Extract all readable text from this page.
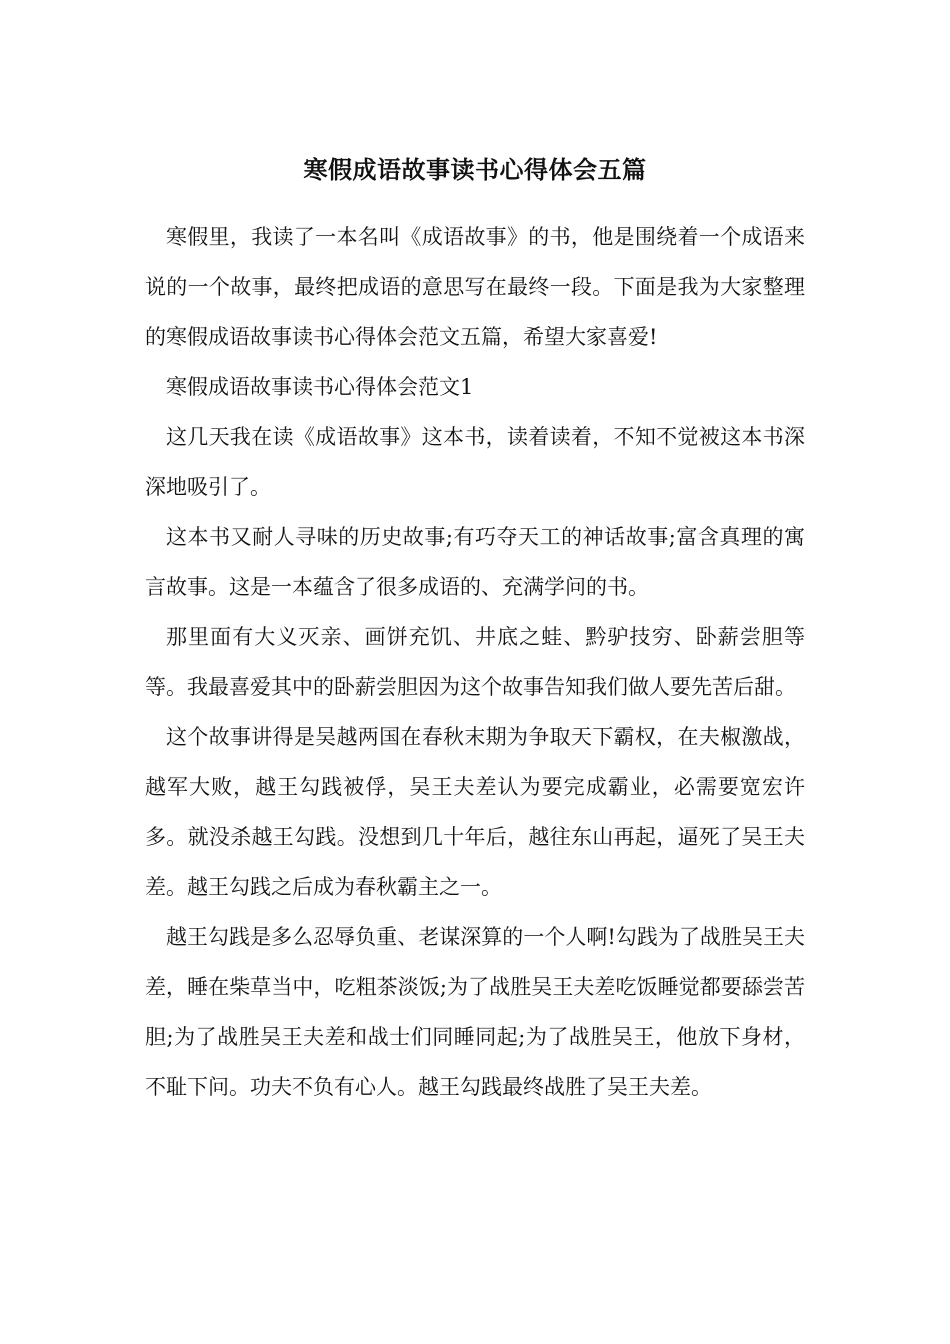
寒假成语故事读书心得体会五篇

寒假里，我读了一本名叫《成语故事》的书，他是围绕着一个成语来说的一个故事，最终把成语的意思写在最终一段。下面是我为大家整理的寒假成语故事读书心得体会范文五篇，希望大家喜爱!

寒假成语故事读书心得体会范文1

这几天我在读《成语故事》这本书，读着读着，不知不觉被这本书深深地吸引了。

这本书又耐人寻味的历史故事;有巧夺天工的神话故事;富含真理的寓言故事。这是一本蕴含了很多成语的、充满学问的书。

那里面有大义灭亲、画饼充饥、井底之蛙、黔驴技穷、卧薪尝胆等等。我最喜爱其中的卧薪尝胆因为这个故事告知我们做人要先苦后甜。

这个故事讲得是吴越两国在春秋末期为争取天下霸权，在夫椒激战，越军大败，越王勾践被俘，吴王夫差认为要完成霸业，必需要宽宏许多。就没杀越王勾践。没想到几十年后，越往东山再起，逼死了吴王夫差。越王勾践之后成为春秋霸主之一。

越王勾践是多么忍辱负重、老谋深算的一个人啊!勾践为了战胜吴王夫差，睡在柴草当中，吃粗茶淡饭;为了战胜吴王夫差吃饭睡觉都要舔尝苦胆;为了战胜吴王夫差和战士们同睡同起;为了战胜吴王，他放下身材，不耻下问。功夫不负有心人。越王勾践最终战胜了吴王夫差。
